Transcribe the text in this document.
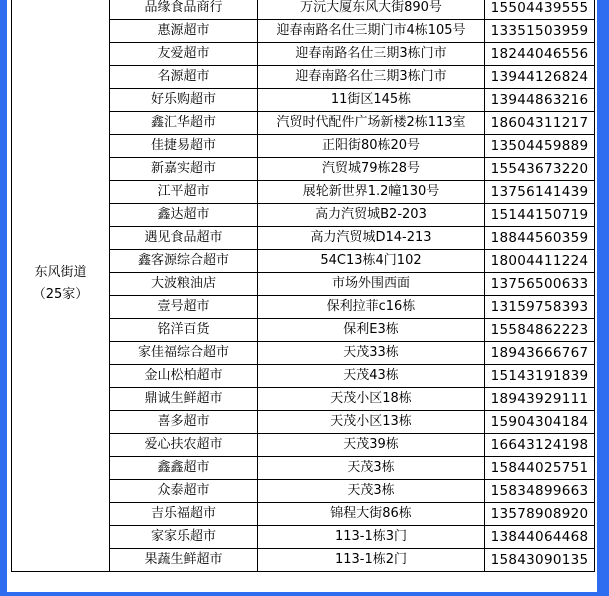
东风街道
（25家）	品缘食品商行	万沅大厦东风大街890号	15504439555
	惠源超市	迎春南路名仕三期门市4栋105号	13351503959
	友爱超市	迎春南路名仕三期3栋门市	18244046556
	名源超市	迎春南路名仕三期3栋门市	13944126824
	好乐购超市	11街区145栋	13944863216
	鑫汇华超市	汽贸时代配件广场新楼2栋113室	18604311217
	佳捷易超市	正阳街80栋20号	13504459889
	新嘉实超市	汽贸城79栋28号	15543673220
	江平超市	展轮新世界1.2幢130号	13756141439
	鑫达超市	高力汽贸城B2-203	15144150719
	遇见食品超市	高力汽贸城D14-213	18844560359
	鑫客源综合超市	54C13栋4门102	18004411224
	大波粮油店	市场外围西面	13756500633
	壹号超市	保利拉菲c16栋	13159758393
	铭洋百货	保利E3栋	15584862223
	家佳福综合超市	天茂33栋	18943666767
	金山松柏超市	天茂43栋	15143191839
	鼎诚生鲜超市	天茂小区18栋	18943929111
	喜多超市	天茂小区13栋	15904304184
	爱心扶农超市	天茂39栋	16643124198
	鑫鑫超市	天茂3栋	15844025751
	众泰超市	天茂3栋	15834899663
	吉乐福超市	锦程大街86栋	13578908920
	家家乐超市	113-1栋3门	13844064468
	果蔬生鲜超市	113-1栋2门	15843090135
